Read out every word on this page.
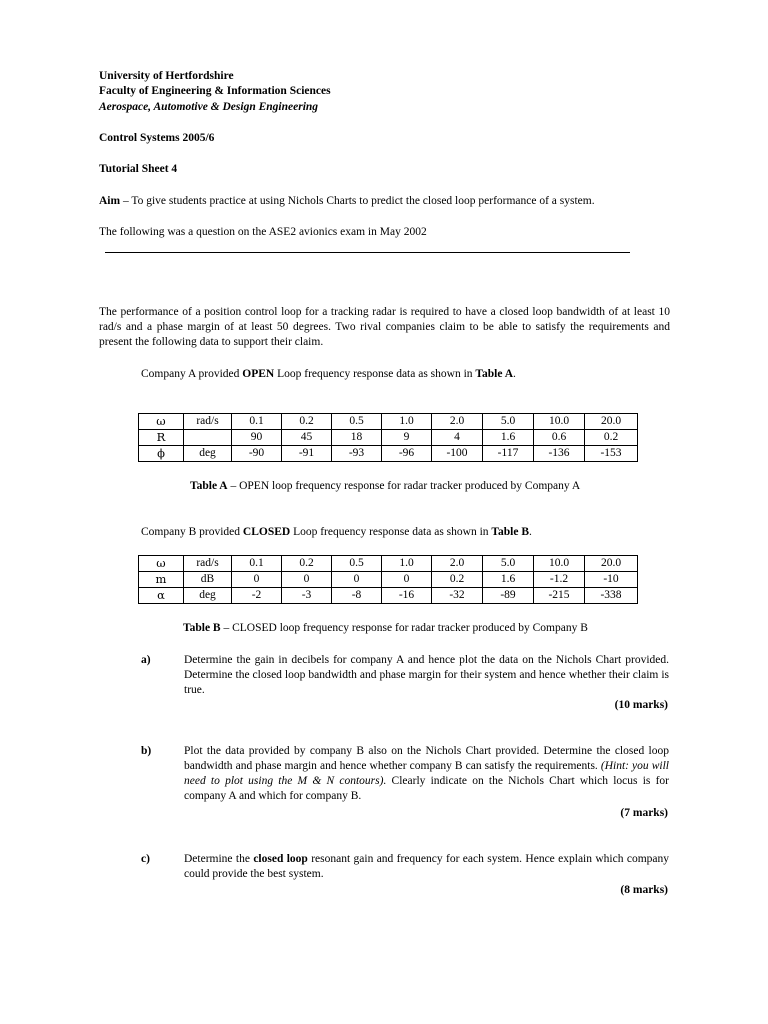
University of Hertfordshire
Faculty of Engineering & Information Sciences
Aerospace, Automotive & Design Engineering
Control Systems 2005/6
Tutorial Sheet 4
Aim – To give students practice at using Nichols Charts to predict the closed loop performance of a system.
The following was a question on the ASE2 avionics exam in May 2002
The performance of a position control loop for a tracking radar is required to have a closed loop bandwidth of at least 10 rad/s and a phase margin of at least 50 degrees. Two rival companies claim to be able to satisfy the requirements and present the following data to support their claim.
Company A provided OPEN Loop frequency response data as shown in Table A.
ω	rad/s	0.1	0.2	0.5	1.0	2.0	5.0	10.0	20.0
R		90	45	18	9	4	1.6	0.6	0.2
ϕ	deg	-90	-91	-93	-96	-100	-117	-136	-153
Table A – OPEN loop frequency response for radar tracker produced by Company A
Company B provided CLOSED Loop frequency response data as shown in Table B.
ω	rad/s	0.1	0.2	0.5	1.0	2.0	5.0	10.0	20.0
m	dB	0	0	0	0	0.2	1.6	-1.2	-10
α	deg	-2	-3	-8	-16	-32	-89	-215	-338
Table B – CLOSED loop frequency response for radar tracker produced by Company B
a)	Determine the gain in decibels for company A and hence plot the data on the Nichols Chart provided. Determine the closed loop bandwidth and phase margin for their system and hence whether their claim is true.
(10 marks)
b)	Plot the data provided by company B also on the Nichols Chart provided. Determine the closed loop bandwidth and phase margin and hence whether company B can satisfy the requirements. (Hint: you will need to plot using the M & N contours). Clearly indicate on the Nichols Chart which locus is for company A and which for company B.
(7 marks)
c)	Determine the closed loop resonant gain and frequency for each system. Hence explain which company could provide the best system.
(8 marks)
